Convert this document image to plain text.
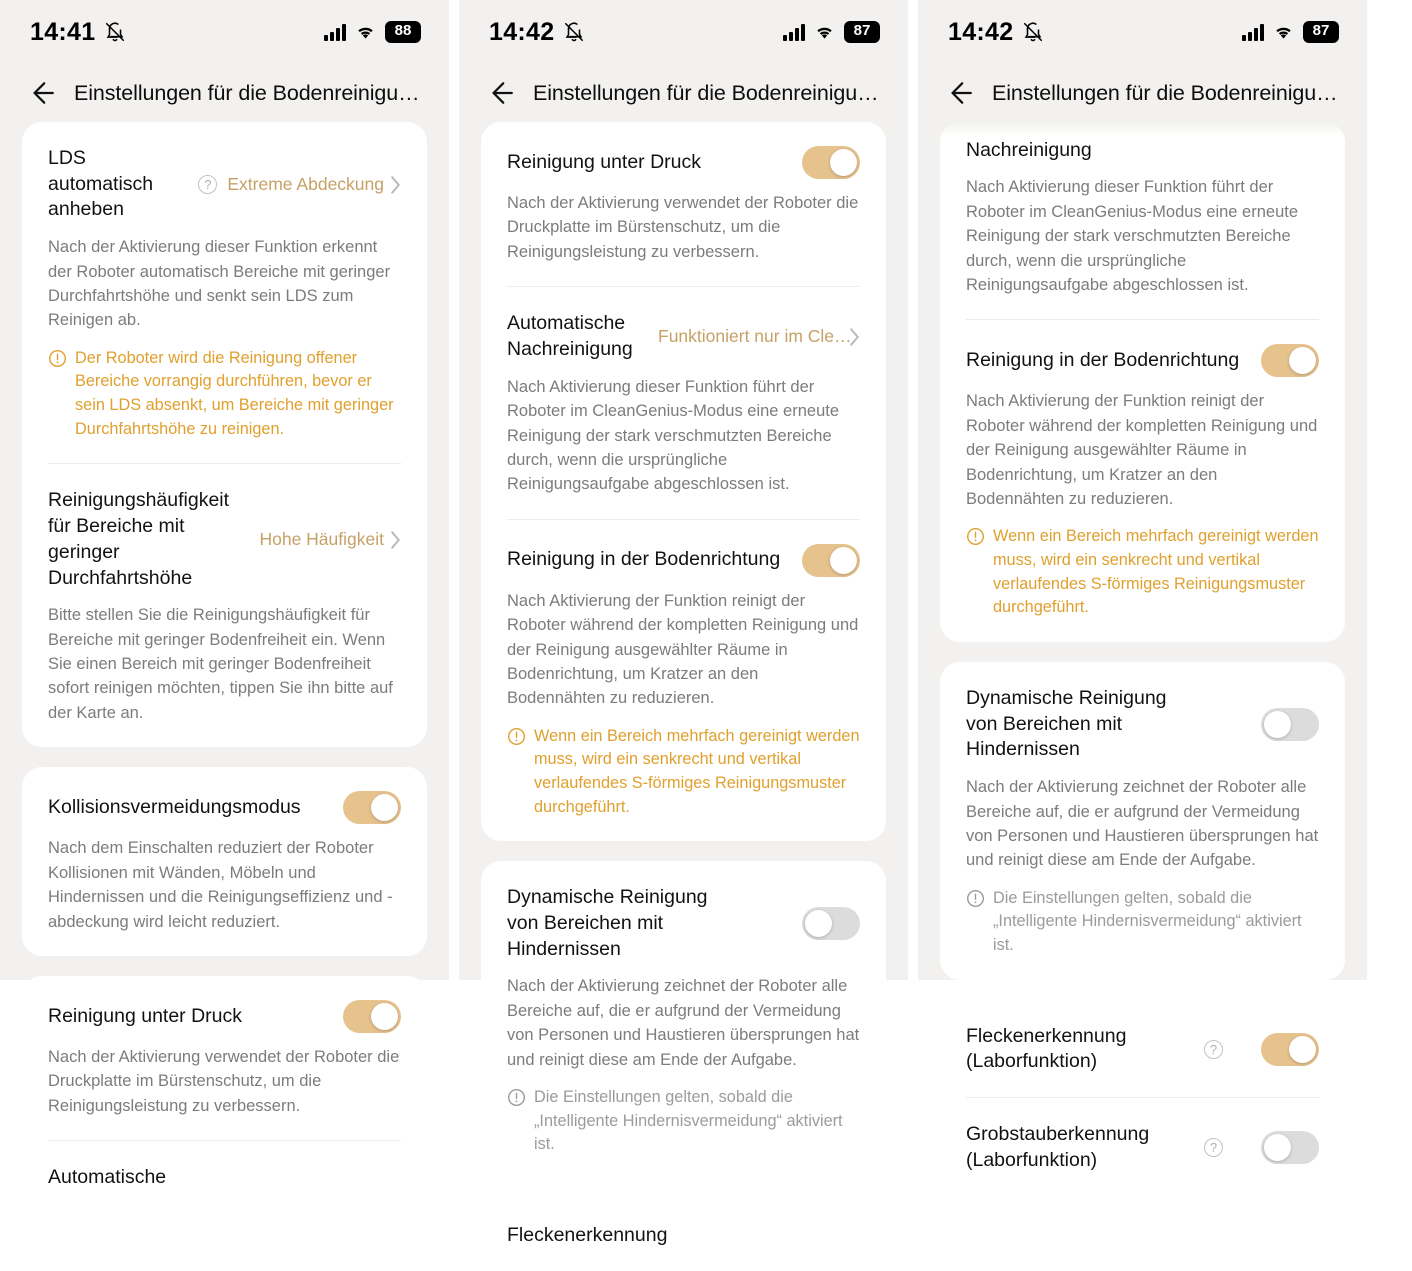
14:41	88
Einstellungen für die Bodenreinigu…
LDS automatisch anheben
? Extreme Abdeckung
Nach der Aktivierung dieser Funktion erkennt der Roboter automatisch Bereiche mit geringer Durchfahrtshöhe und senkt sein LDS zum Reinigen ab.
Der Roboter wird die Reinigung offener Bereiche vorrangig durchführen, bevor er sein LDS absenkt, um Bereiche mit geringer Durchfahrtshöhe zu reinigen.
Reinigungshäufigkeit für Bereiche mit geringer Durchfahrtshöhe
Hohe Häufigkeit
Bitte stellen Sie die Reinigungshäufigkeit für Bereiche mit geringer Bodenfreiheit ein. Wenn Sie einen Bereich mit geringer Bodenfreiheit sofort reinigen möchten, tippen Sie ihn bitte auf der Karte an.
Kollisionsvermeidungsmodus
Nach dem Einschalten reduziert der Roboter Kollisionen mit Wänden, Möbeln und Hindernissen und die Reinigungseffizienz und -abdeckung wird leicht reduziert.
Reinigung unter Druck
Nach der Aktivierung verwendet der Roboter die Druckplatte im Bürstenschutz, um die Reinigungsleistung zu verbessern.
Automatische
14:42	87
Einstellungen für die Bodenreinigu…
Reinigung unter Druck
Nach der Aktivierung verwendet der Roboter die Druckplatte im Bürstenschutz, um die Reinigungsleistung zu verbessern.
Automatische Nachreinigung
Funktioniert nur im Cle…
Nach Aktivierung dieser Funktion führt der Roboter im CleanGenius-Modus eine erneute Reinigung der stark verschmutzten Bereiche durch, wenn die ursprüngliche Reinigungsaufgabe abgeschlossen ist.
Reinigung in der Bodenrichtung
Nach Aktivierung der Funktion reinigt der Roboter während der kompletten Reinigung und der Reinigung ausgewählter Räume in Bodenrichtung, um Kratzer an den Bodennähten zu reduzieren.
Wenn ein Bereich mehrfach gereinigt werden muss, wird ein senkrecht und vertikal verlaufendes S-förmiges Reinigungsmuster durchgeführt.
Dynamische Reinigung von Bereichen mit Hindernissen
Nach der Aktivierung zeichnet der Roboter alle Bereiche auf, die er aufgrund der Vermeidung von Personen und Haustieren übersprungen hat und reinigt diese am Ende der Aufgabe.
Die Einstellungen gelten, sobald die „Intelligente Hindernisvermeidung“ aktiviert ist.
Fleckenerkennung
14:42	87
Einstellungen für die Bodenreinigu…
Nachreinigung
Nach Aktivierung dieser Funktion führt der Roboter im CleanGenius-Modus eine erneute Reinigung der stark verschmutzten Bereiche durch, wenn die ursprüngliche Reinigungsaufgabe abgeschlossen ist.
Reinigung in der Bodenrichtung
Nach Aktivierung der Funktion reinigt der Roboter während der kompletten Reinigung und der Reinigung ausgewählter Räume in Bodenrichtung, um Kratzer an den Bodennähten zu reduzieren.
Wenn ein Bereich mehrfach gereinigt werden muss, wird ein senkrecht und vertikal verlaufendes S-förmiges Reinigungsmuster durchgeführt.
Dynamische Reinigung von Bereichen mit Hindernissen
Nach der Aktivierung zeichnet der Roboter alle Bereiche auf, die er aufgrund der Vermeidung von Personen und Haustieren übersprungen hat und reinigt diese am Ende der Aufgabe.
Die Einstellungen gelten, sobald die „Intelligente Hindernisvermeidung“ aktiviert ist.
Fleckenerkennung (Laborfunktion)
?
Grobstauberkennung (Laborfunktion)
?
